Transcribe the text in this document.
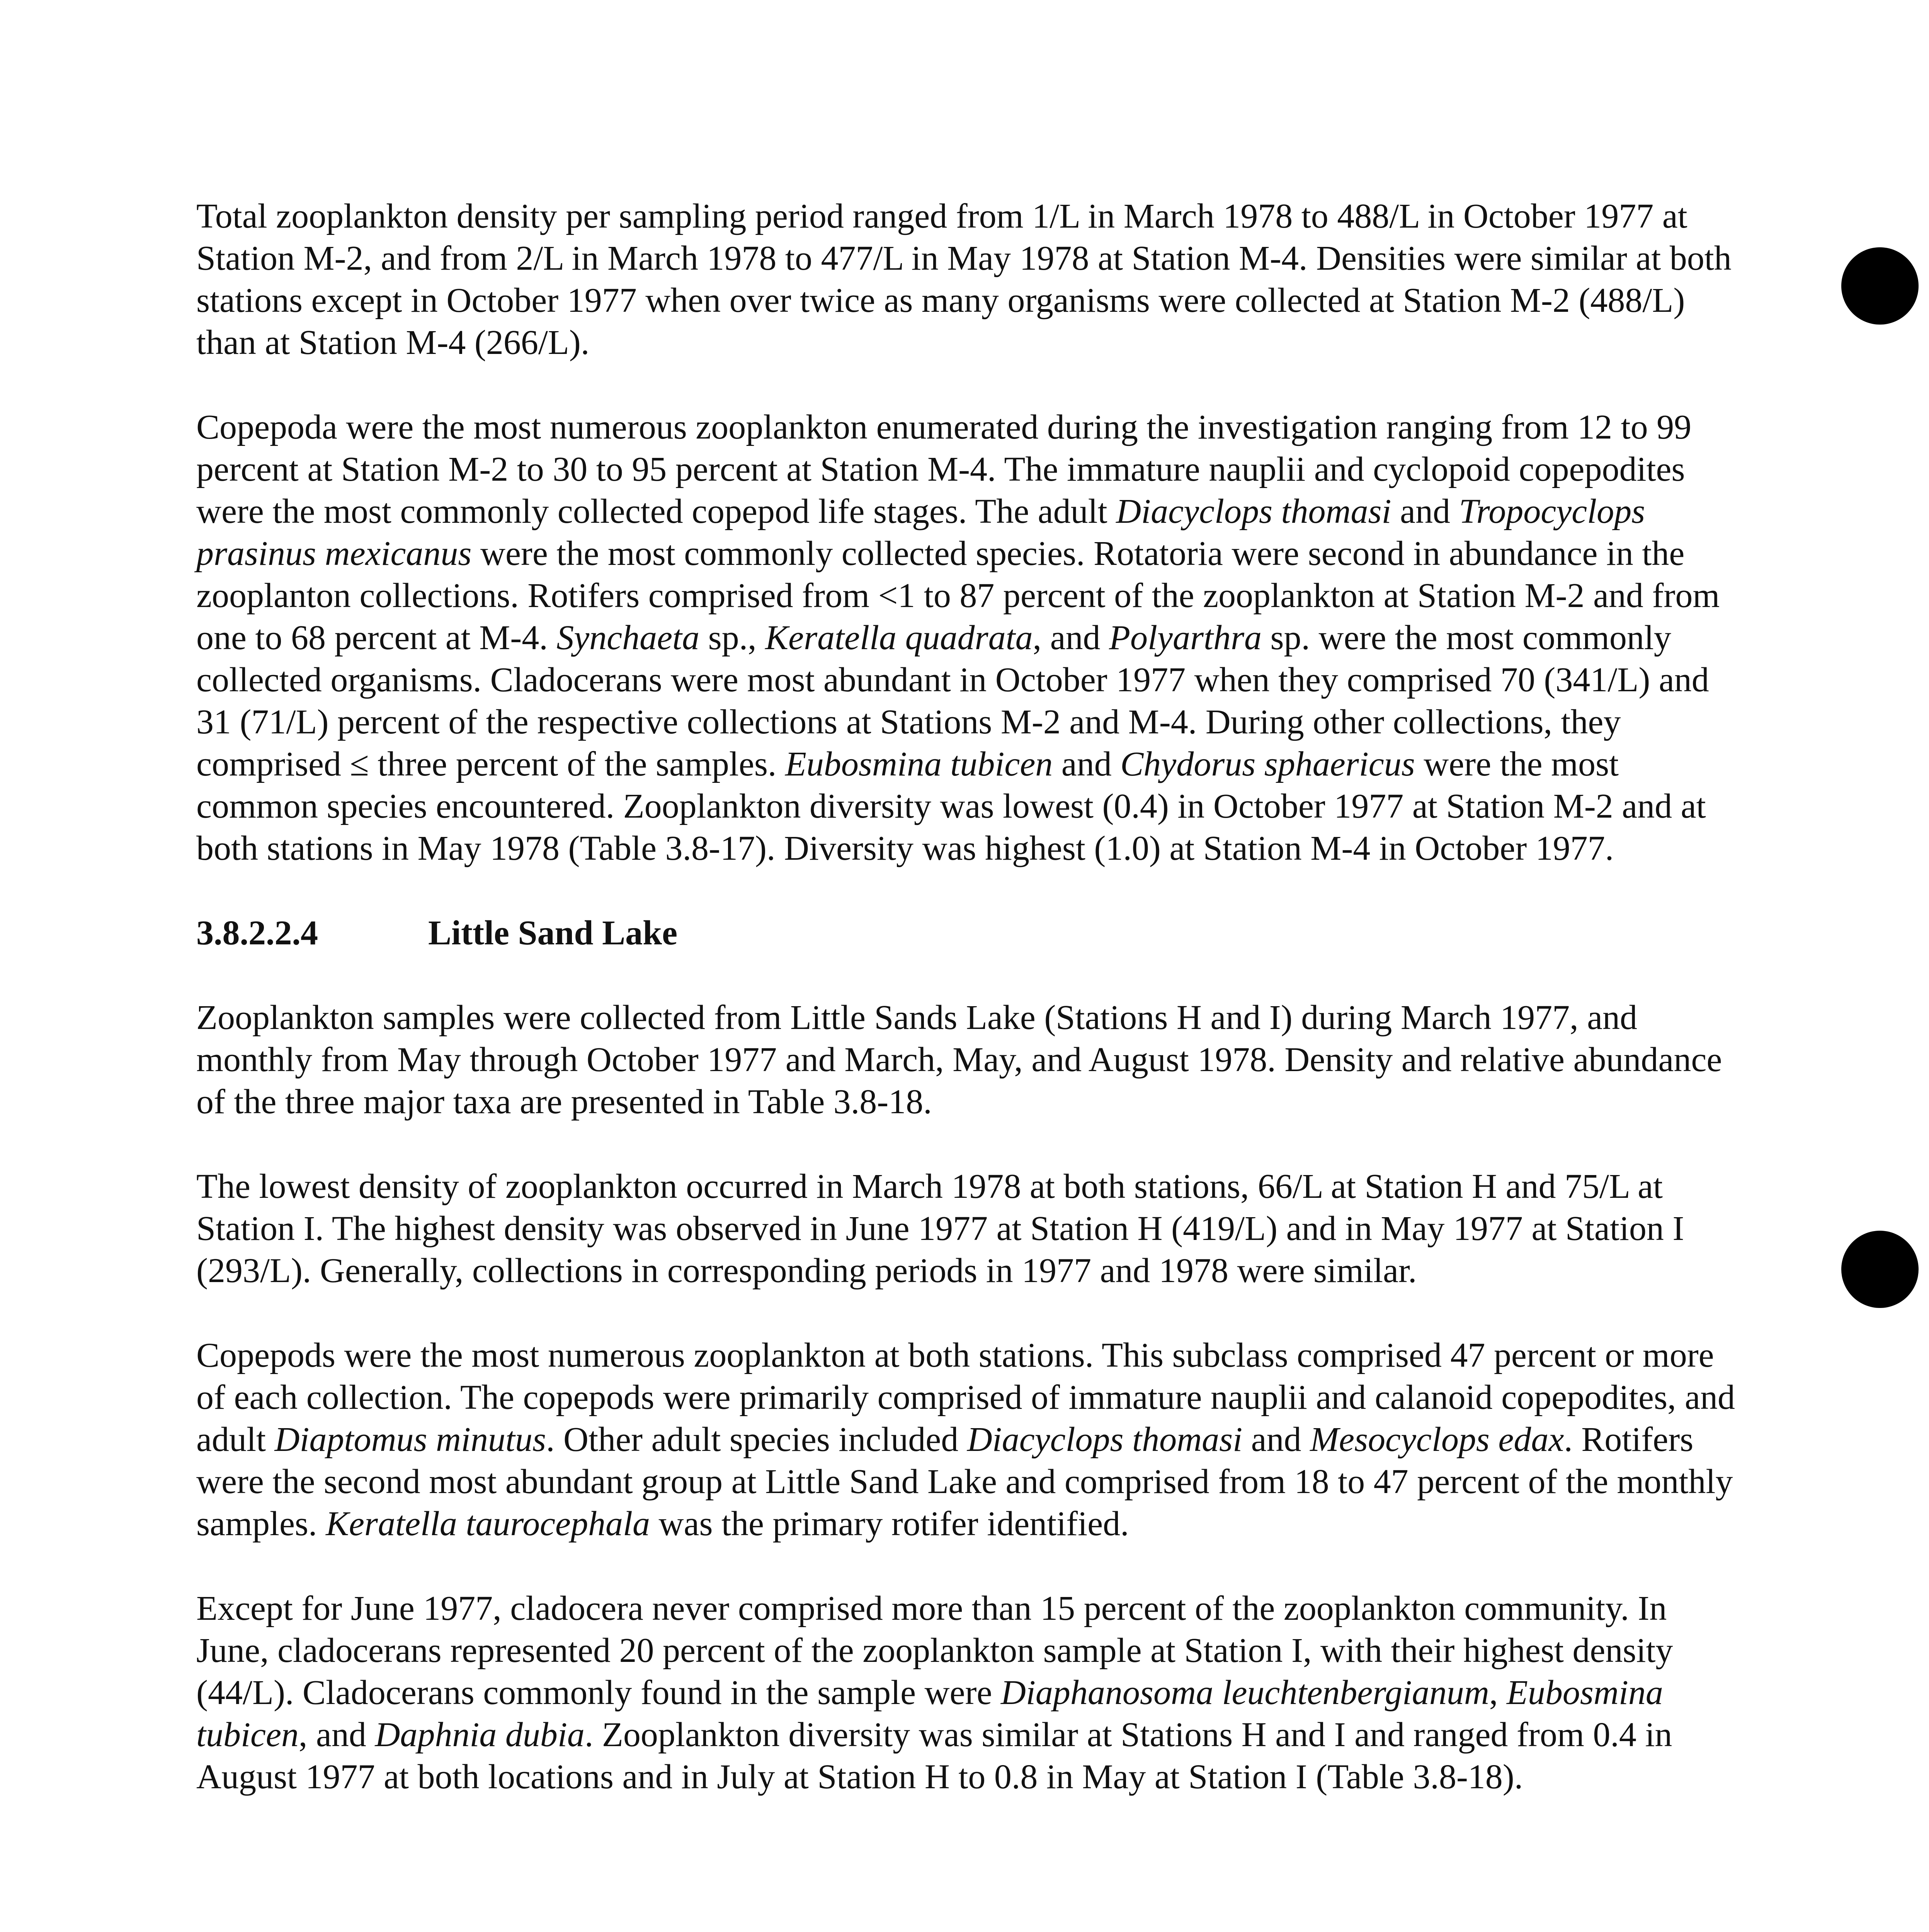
Total zooplankton density per sampling period ranged from 1/L in March 1978 to 488/L in October 1977 at Station M-2, and from 2/L in March 1978 to 477/L in May 1978 at Station M-4. Densities were similar at both stations except in October 1977 when over twice as many organisms were collected at Station M-2 (488/L) than at Station M-4 (266/L).
Copepoda were the most numerous zooplankton enumerated during the investigation ranging from 12 to 99 percent at Station M-2 to 30 to 95 percent at Station M-4. The immature nauplii and cyclopoid copepodites were the most commonly collected copepod life stages. The adult Diacyclops thomasi and Tropocyclops prasinus mexicanus were the most commonly collected species. Rotatoria were second in abundance in the zooplanton collections. Rotifers comprised from <1 to 87 percent of the zooplankton at Station M-2 and from one to 68 percent at M-4. Synchaeta sp., Keratella quadrata, and Polyarthra sp. were the most commonly collected organisms. Cladocerans were most abundant in October 1977 when they comprised 70 (341/L) and 31 (71/L) percent of the respective collections at Stations M-2 and M-4. During other collections, they comprised ≤ three percent of the samples. Eubosmina tubicen and Chydorus sphaericus were the most common species encountered. Zooplankton diversity was lowest (0.4) in October 1977 at Station M-2 and at both stations in May 1978 (Table 3.8-17). Diversity was highest (1.0) at Station M-4 in October 1977.
3.8.2.2.4	Little Sand Lake
Zooplankton samples were collected from Little Sands Lake (Stations H and I) during March 1977, and monthly from May through October 1977 and March, May, and August 1978. Density and relative abundance of the three major taxa are presented in Table 3.8-18.
The lowest density of zooplankton occurred in March 1978 at both stations, 66/L at Station H and 75/L at Station I. The highest density was observed in June 1977 at Station H (419/L) and in May 1977 at Station I (293/L). Generally, collections in corresponding periods in 1977 and 1978 were similar.
Copepods were the most numerous zooplankton at both stations. This subclass comprised 47 percent or more of each collection. The copepods were primarily comprised of immature nauplii and calanoid copepodites, and adult Diaptomus minutus. Other adult species included Diacyclops thomasi and Mesocyclops edax. Rotifers were the second most abundant group at Little Sand Lake and comprised from 18 to 47 percent of the monthly samples. Keratella taurocephala was the primary rotifer identified.
Except for June 1977, cladocera never comprised more than 15 percent of the zooplankton community. In June, cladocerans represented 20 percent of the zooplankton sample at Station I, with their highest density (44/L). Cladocerans commonly found in the sample were Diaphanosoma leuchtenbergianum, Eubosmina tubicen, and Daphnia dubia. Zooplankton diversity was similar at Stations H and I and ranged from 0.4 in August 1977 at both locations and in July at Station H to 0.8 in May at Station I (Table 3.8-18).
